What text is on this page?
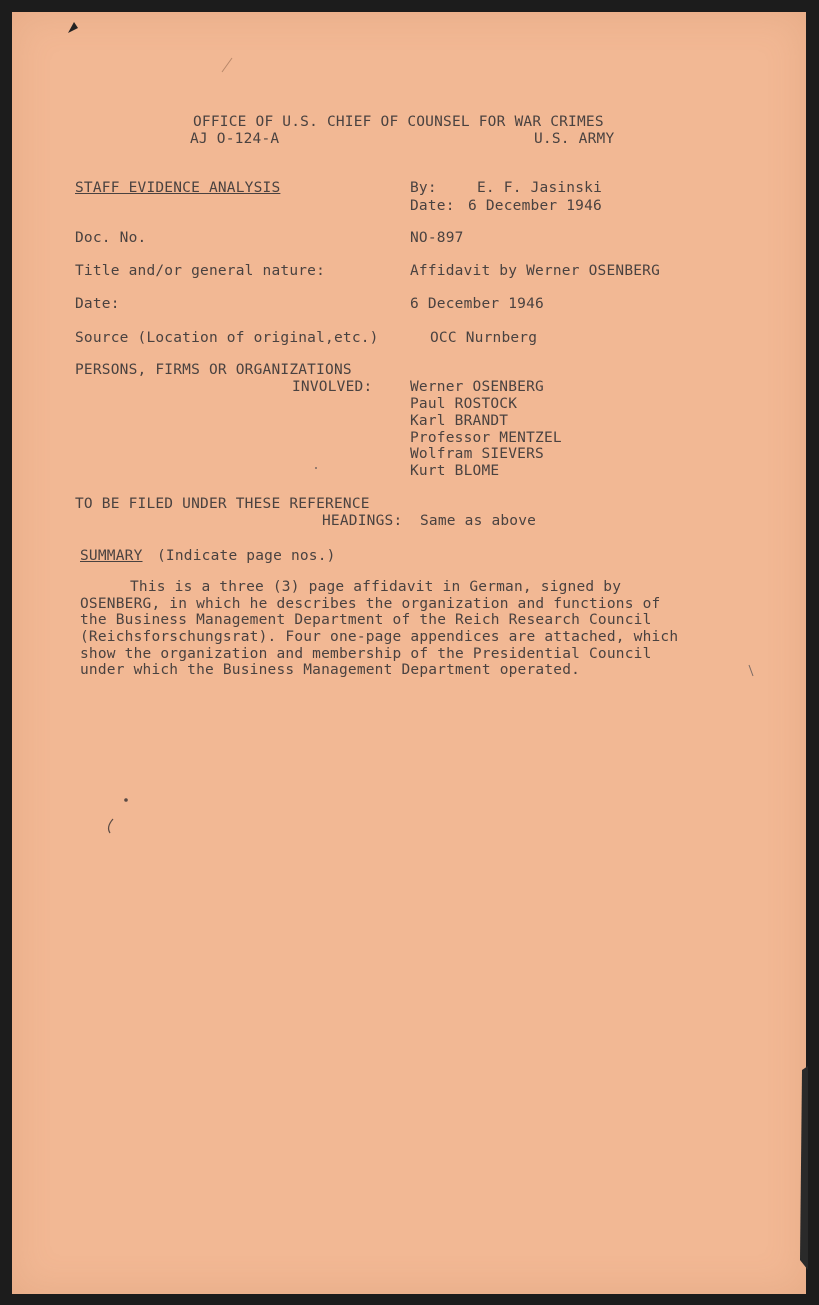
OFFICE OF U.S. CHIEF OF COUNSEL FOR WAR CRIMES
AJ O-124-A	U.S. ARMY
STAFF EVIDENCE ANALYSIS	By:	E. F. Jasinski
Date: 6 December 1946
Doc. No.	NO-897
Title and/or general nature:	Affidavit by Werner OSENBERG
Date:	6 December 1946
Source (Location of original,etc.)	OCC Nurnberg
PERSONS, FIRMS OR ORGANIZATIONS
INVOLVED:	Werner OSENBERG
Paul ROSTOCK
Karl BRANDT
Professor MENTZEL
Wolfram SIEVERS
Kurt BLOME
TO BE FILED UNDER THESE REFERENCE
HEADINGS: Same as above
SUMMARY (Indicate page nos.)
This is a three (3) page affidavit in German, signed by
OSENBERG, in which he describes the organization and functions of
the Business Management Department of the Reich Research Council
(Reichsforschungsrat). Four one-page appendices are attached, which
show the organization and membership of the Presidential Council
under which the Business Management Department operated.
